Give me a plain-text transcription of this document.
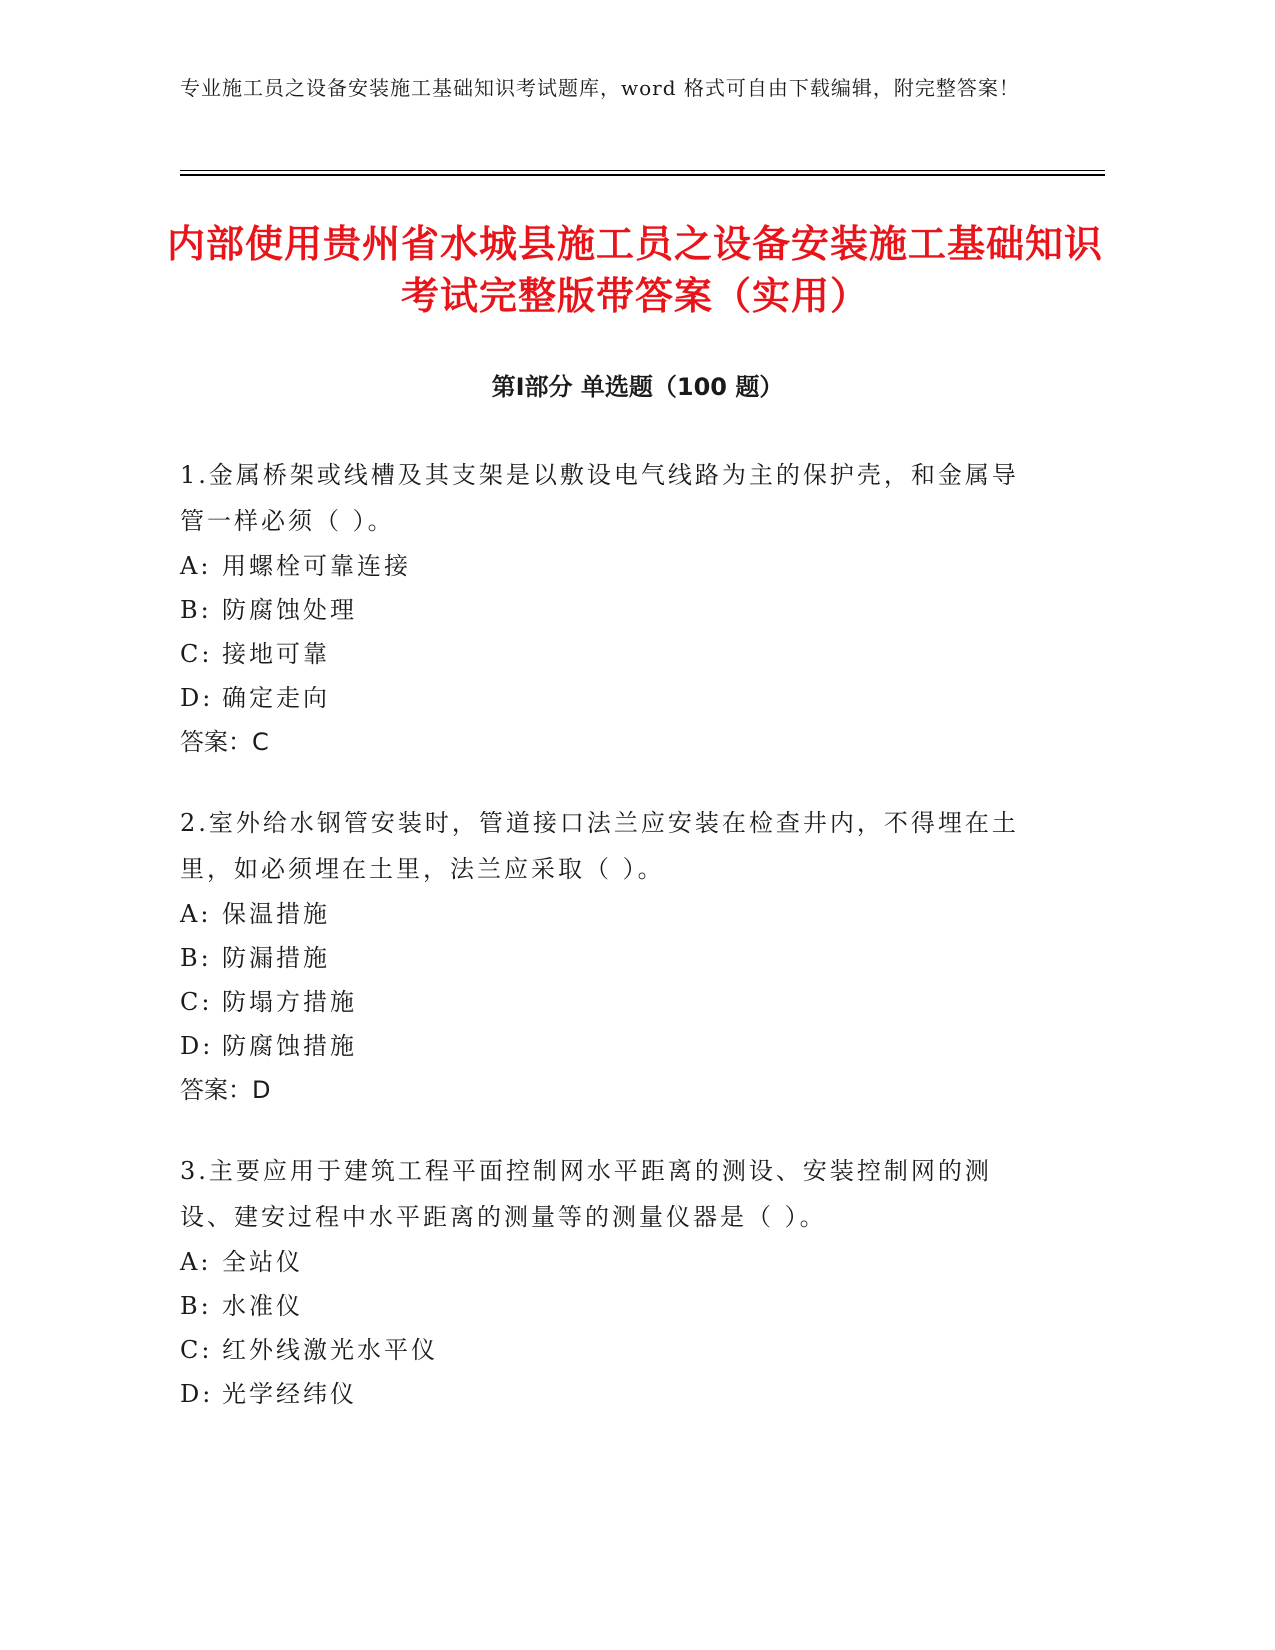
专业施工员之设备安装施工基础知识考试题库，word 格式可自由下载编辑，附完整答案！
内部使用贵州省水城县施工员之设备安装施工基础知识考试完整版带答案（实用）
第Ⅰ部分 单选题（100 题）

1.金属桥架或线槽及其支架是以敷设电气线路为主的保护壳，和金属导管一样必须（ ）。

A: 用螺栓可靠连接

B: 防腐蚀处理

C: 接地可靠

D: 确定走向

答案：C

2.室外给水钢管安装时，管道接口法兰应安装在检查井内，不得埋在土里，如必须埋在土里，法兰应采取（ ）。

A: 保温措施

B: 防漏措施

C: 防塌方措施

D: 防腐蚀措施

答案：D

3.主要应用于建筑工程平面控制网水平距离的测设、安装控制网的测设、建安过程中水平距离的测量等的测量仪器是（ ）。

A: 全站仪

B: 水准仪

C: 红外线激光水平仪

D: 光学经纬仪
